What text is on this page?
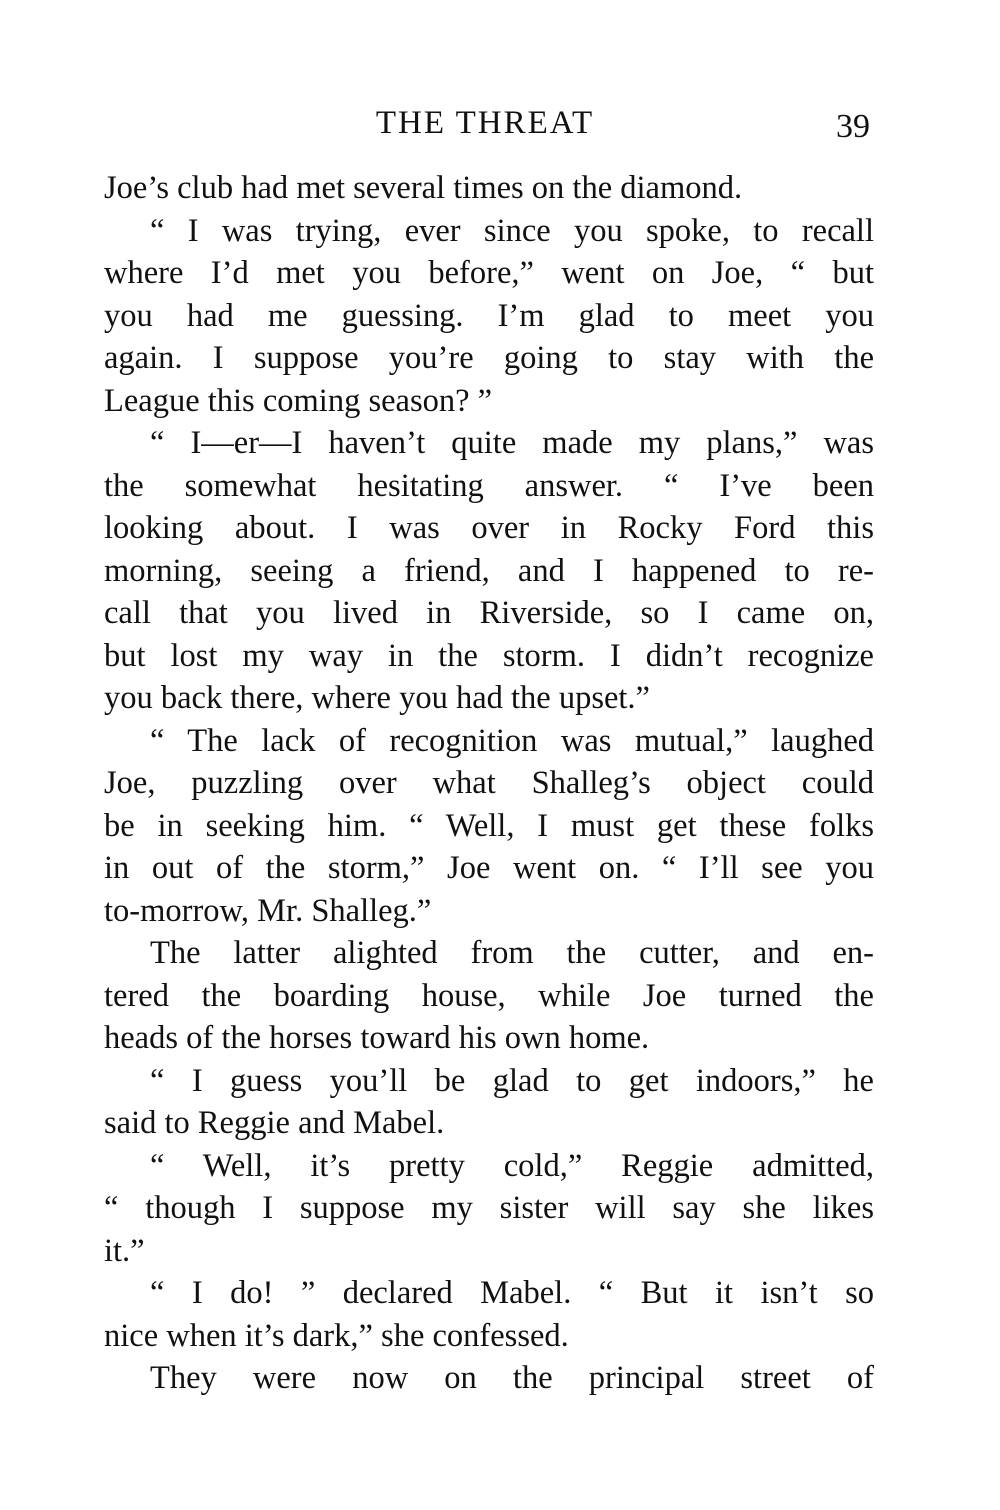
THE THREAT	39
Joe’s club had met several times on the diamond.
“ I was trying, ever since you spoke, to recall
where I’d met you before,” went on Joe, “ but
you had me guessing. I’m glad to meet you
again. I suppose you’re going to stay with the
League this coming season? ”
“ I—er—I haven’t quite made my plans,” was
the somewhat hesitating answer. “ I’ve been
looking about. I was over in Rocky Ford this
morning, seeing a friend, and I happened to re-
call that you lived in Riverside, so I came on,
but lost my way in the storm. I didn’t recognize
you back there, where you had the upset.”
“ The lack of recognition was mutual,” laughed
Joe, puzzling over what Shalleg’s object could
be in seeking him. “ Well, I must get these folks
in out of the storm,” Joe went on. “ I’ll see you
to-morrow, Mr. Shalleg.”
The latter alighted from the cutter, and en-
tered the boarding house, while Joe turned the
heads of the horses toward his own home.
“ I guess you’ll be glad to get indoors,” he
said to Reggie and Mabel.
“ Well, it’s pretty cold,” Reggie admitted,
“ though I suppose my sister will say she likes
it.”
“ I do! ” declared Mabel. “ But it isn’t so
nice when it’s dark,” she confessed.
They were now on the principal street of
